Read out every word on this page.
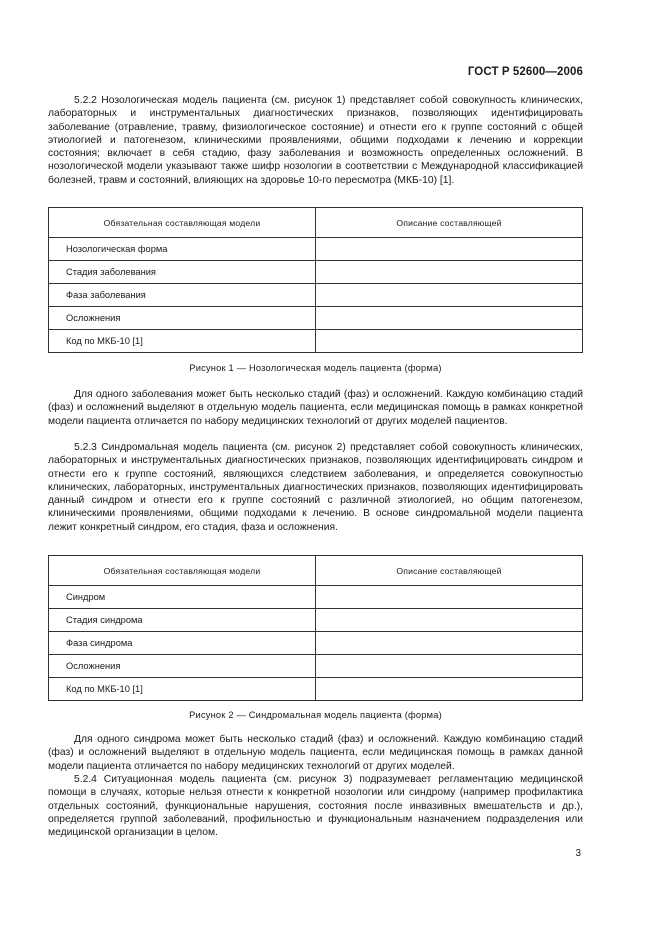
ГОСТ Р 52600—2006

5.2.2 Нозологическая модель пациента (см. рисунок 1) представляет собой совокупность клинических, лабораторных и инструментальных диагностических признаков, позволяющих идентифицировать заболевание (отравление, травму, физиологическое состояние) и отнести его к группе состояний с общей этиологией и патогенезом, клиническими проявлениями, общими подходами к лечению и коррекции состояния; включает в себя стадию, фазу заболевания и возможность определенных осложнений. В нозологической модели указывают также шифр нозологии в соответствии с Международной классификацией болезней, травм и состояний, влияющих на здоровье 10-го пересмотра (МКБ-10) [1].

Обязательная составляющая модели	Описание составляющей
Нозологическая форма	
Стадия заболевания	
Фаза заболевания	
Осложнения	
Код по МКБ-10 [1]	
Рисунок 1 — Нозологическая модель пациента (форма)

Для одного заболевания может быть несколько стадий (фаз) и осложнений. Каждую комбинацию стадий (фаз) и осложнений выделяют в отдельную модель пациента, если медицинская помощь в рамках конкретной модели пациента отличается по набору медицинских технологий от других моделей пациентов.

5.2.3 Синдромальная модель пациента (см. рисунок 2) представляет собой совокупность клинических, лабораторных и инструментальных диагностических признаков, позволяющих идентифицировать синдром и отнести его к группе состояний, являющихся следствием заболевания, и определяется совокупностью клинических, лабораторных, инструментальных диагностических признаков, позволяющих идентифицировать данный синдром и отнести его к группе состояний с различной этиологией, но общим патогенезом, клиническими проявлениями, общими подходами к лечению. В основе синдромальной модели пациента лежит конкретный синдром, его стадия, фаза и осложнения.

Обязательная составляющая модели	Описание составляющей
Синдром	
Стадия синдрома	
Фаза синдрома	
Осложнения	
Код по МКБ-10 [1]	
Рисунок 2 — Синдромальная модель пациента (форма)

Для одного синдрома может быть несколько стадий (фаз) и осложнений. Каждую комбинацию стадий (фаз) и осложнений выделяют в отдельную модель пациента, если медицинская помощь в рамках данной модели пациента отличается по набору медицинских технологий от других моделей.

5.2.4 Ситуационная модель пациента (см. рисунок 3) подразумевает регламентацию медицинской помощи в случаях, которые нельзя отнести к конкретной нозологии или синдрому (например профилактика отдельных состояний, функциональные нарушения, состояния после инвазивных вмешательств и др.), определяется группой заболеваний, профильностью и функциональным назначением подразделения или медицинской организации в целом.

3
